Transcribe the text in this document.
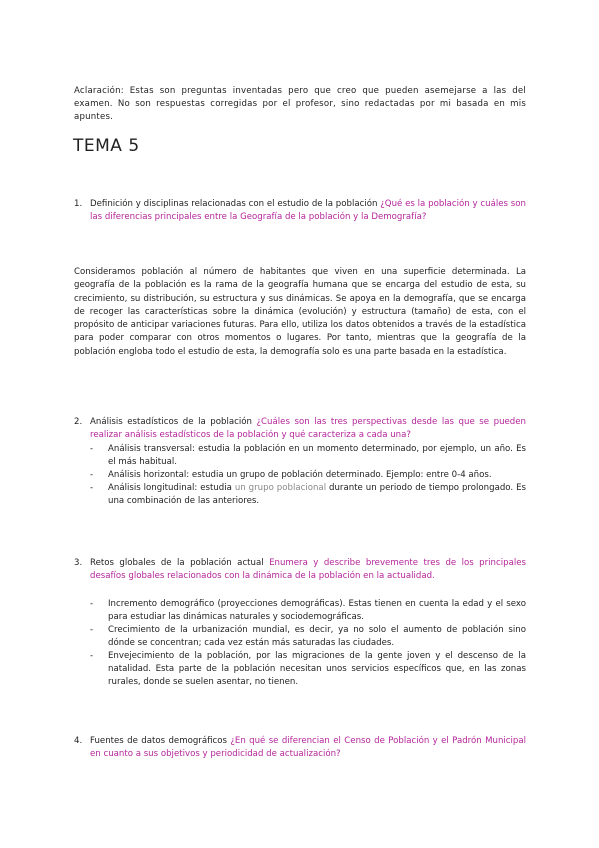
Aclaración: Estas son preguntas inventadas pero que creo que pueden asemejarse a las del examen. No son respuestas corregidas por el profesor, sino redactadas por mi basada en mis apuntes.
TEMA 5
1. Definición y disciplinas relacionadas con el estudio de la población ¿Qué es la población y cuáles son las diferencias principales entre la Geografía de la población y la Demografía?
Consideramos población al número de habitantes que viven en una superficie determinada. La geografía de la población es la rama de la geografía humana que se encarga del estudio de esta, su crecimiento, su distribución, su estructura y sus dinámicas. Se apoya en la demografía, que se encarga de recoger las características sobre la dinámica (evolución) y estructura (tamaño) de esta, con el propósito de anticipar variaciones futuras. Para ello, utiliza los datos obtenidos a través de la estadística para poder comparar con otros momentos o lugares. Por tanto, mientras que la geografía de la población engloba todo el estudio de esta, la demografía solo es una parte basada en la estadística.
2. Análisis estadísticos de la población ¿Cuáles son las tres perspectivas desde las que se pueden realizar análisis estadísticos de la población y qué caracteriza a cada una?
- Análisis transversal: estudia la población en un momento determinado, por ejemplo, un año. Es el más habitual.
- Análisis horizontal: estudia un grupo de población determinado. Ejemplo: entre 0-4 años.
- Análisis longitudinal: estudia un grupo poblacional durante un periodo de tiempo prolongado. Es una combinación de las anteriores.
3. Retos globales de la población actual Enumera y describe brevemente tres de los principales desafíos globales relacionados con la dinámica de la población en la actualidad.
- Incremento demográfico (proyecciones demográficas). Estas tienen en cuenta la edad y el sexo para estudiar las dinámicas naturales y sociodemográficas.
- Crecimiento de la urbanización mundial, es decir, ya no solo el aumento de población sino dónde se concentran; cada vez están más saturadas las ciudades.
- Envejecimiento de la población, por las migraciones de la gente joven y el descenso de la natalidad. Esta parte de la población necesitan unos servicios específicos que, en las zonas rurales, donde se suelen asentar, no tienen.
4. Fuentes de datos demográficos ¿En qué se diferencian el Censo de Población y el Padrón Municipal en cuanto a sus objetivos y periodicidad de actualización?
